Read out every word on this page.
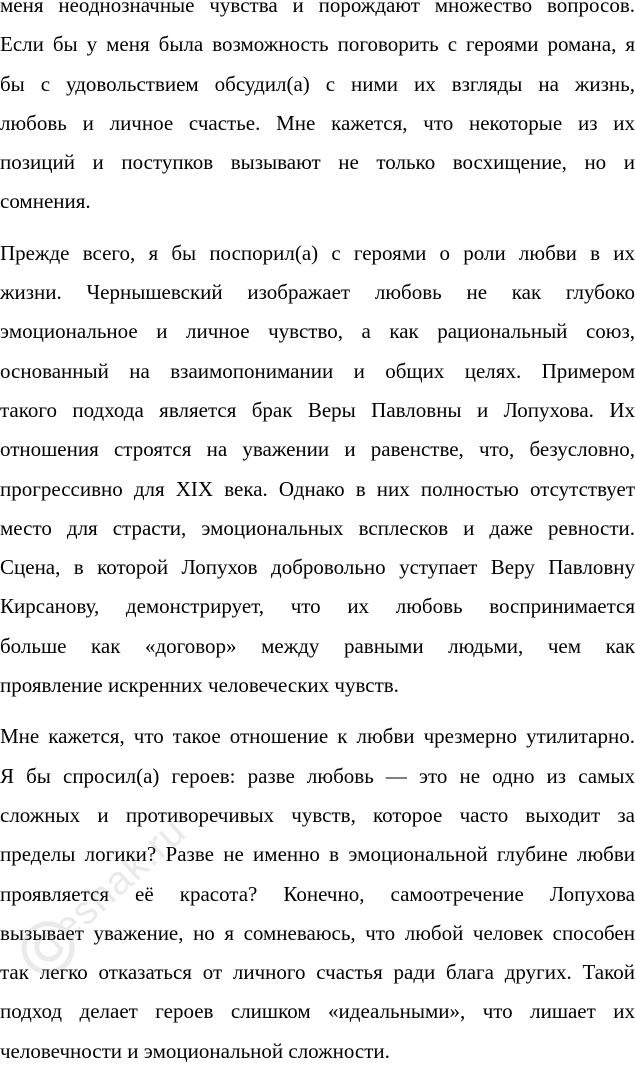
меня неоднозначные чувства и порождают множество вопросов.
Если бы у меня была возможность поговорить с героями романа, я
бы с удовольствием обсудил(а) с ними их взгляды на жизнь,
любовь и личное счастье. Мне кажется, что некоторые из их
позиций и поступков вызывают не только восхищение, но и
сомнения.
Прежде всего, я бы поспорил(а) с героями о роли любви в их
жизни. Чернышевский изображает любовь не как глубоко
эмоциональное и личное чувство, а как рациональный союз,
основанный на взаимопонимании и общих целях. Примером
такого подхода является брак Веры Павловны и Лопухова. Их
отношения строятся на уважении и равенстве, что, безусловно,
прогрессивно для XIX века. Однако в них полностью отсутствует
место для страсти, эмоциональных всплесков и даже ревности.
Сцена, в которой Лопухов добровольно уступает Веру Павловну
Кирсанову, демонстрирует, что их любовь воспринимается
больше как «договор» между равными людьми, чем как
проявление искренних человеческих чувств.
Мне кажется, что такое отношение к любви чрезмерно утилитарно.
Я бы спросил(а) героев: разве любовь — это не одно из самых
сложных и противоречивых чувств, которое часто выходит за
пределы логики? Разве не именно в эмоциональной глубине любви
проявляется её красота? Конечно, самоотречение Лопухова
вызывает уважение, но я сомневаюсь, что любой человек способен
так легко отказаться от личного счастья ради блага других. Такой
подход делает героев слишком «идеальными», что лишает их
человечности и эмоциональной сложности.
reshak.ru
